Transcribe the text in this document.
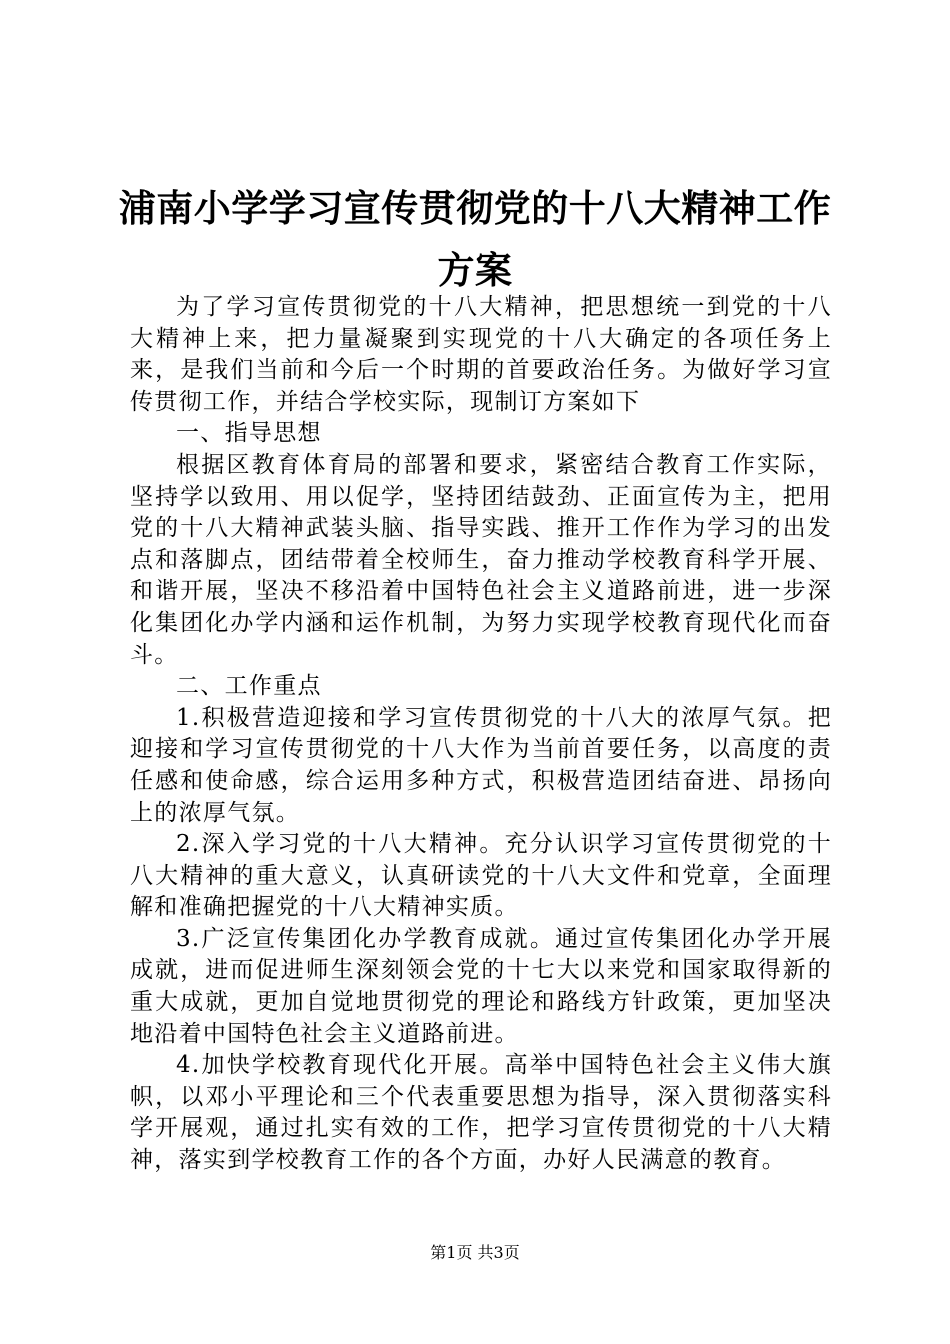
浦南小学学习宣传贯彻党的十八大精神工作方案

为了学习宣传贯彻党的十八大精神，把思想统一到党的十八大精神上来，把力量凝聚到实现党的十八大确定的各项任务上来，是我们当前和今后一个时期的首要政治任务。为做好学习宣传贯彻工作，并结合学校实际，现制订方案如下

一、指导思想

根据区教育体育局的部署和要求，紧密结合教育工作实际，坚持学以致用、用以促学，坚持团结鼓劲、正面宣传为主，把用党的十八大精神武装头脑、指导实践、推开工作作为学习的出发点和落脚点，团结带着全校师生，奋力推动学校教育科学开展、和谐开展，坚决不移沿着中国特色社会主义道路前进，进一步深化集团化办学内涵和运作机制，为努力实现学校教育现代化而奋斗。

二、工作重点

1.积极营造迎接和学习宣传贯彻党的十八大的浓厚气氛。把迎接和学习宣传贯彻党的十八大作为当前首要任务，以高度的责任感和使命感，综合运用多种方式，积极营造团结奋进、昂扬向上的浓厚气氛。

2.深入学习党的十八大精神。充分认识学习宣传贯彻党的十八大精神的重大意义，认真研读党的十八大文件和党章，全面理解和准确把握党的十八大精神实质。

3.广泛宣传集团化办学教育成就。通过宣传集团化办学开展成就，进而促进师生深刻领会党的十七大以来党和国家取得新的重大成就，更加自觉地贯彻党的理论和路线方针政策，更加坚决地沿着中国特色社会主义道路前进。

4.加快学校教育现代化开展。高举中国特色社会主义伟大旗帜，以邓小平理论和三个代表重要思想为指导，深入贯彻落实科学开展观，通过扎实有效的工作，把学习宣传贯彻党的十八大精神，落实到学校教育工作的各个方面，办好人民满意的教育。

第1页 共3页
